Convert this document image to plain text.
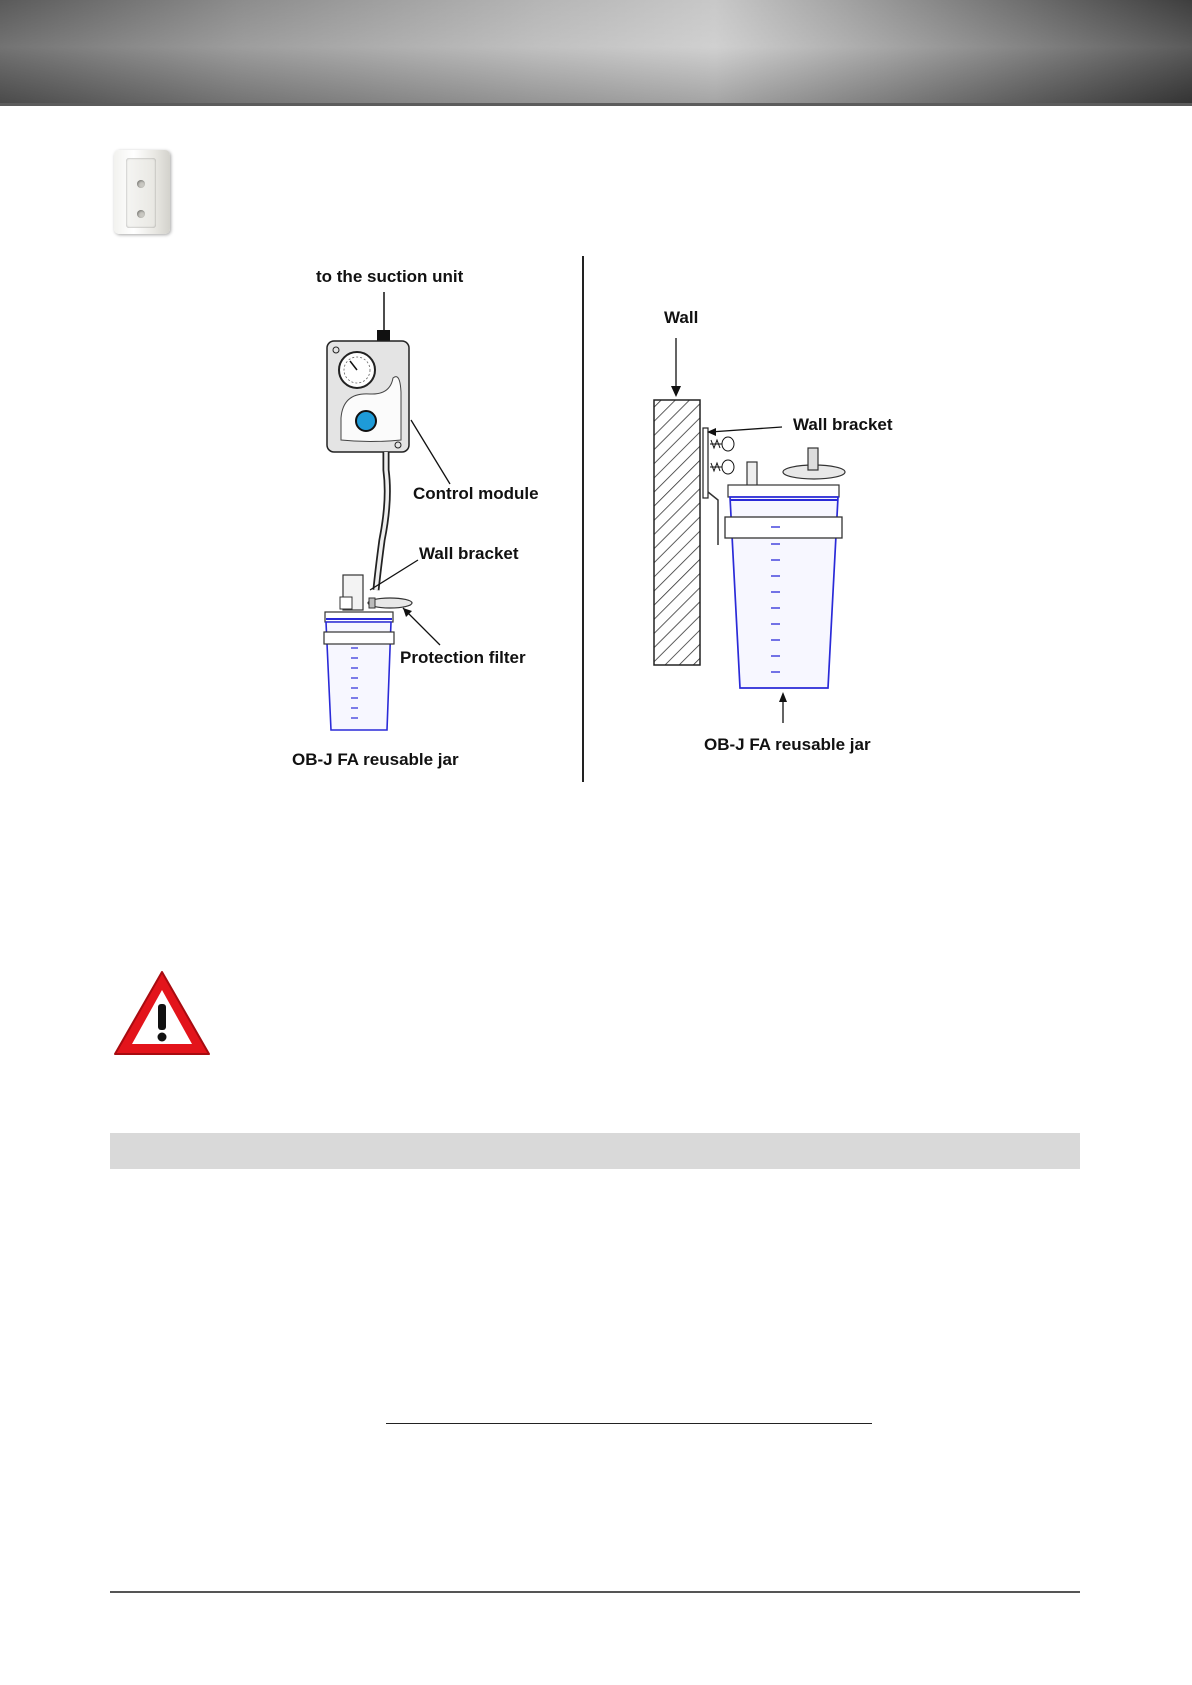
to the suction unit
Control module
Wall bracket
Protection filter
OB-J FA reusable jar
Wall
Wall bracket
OB-J FA reusable jar
